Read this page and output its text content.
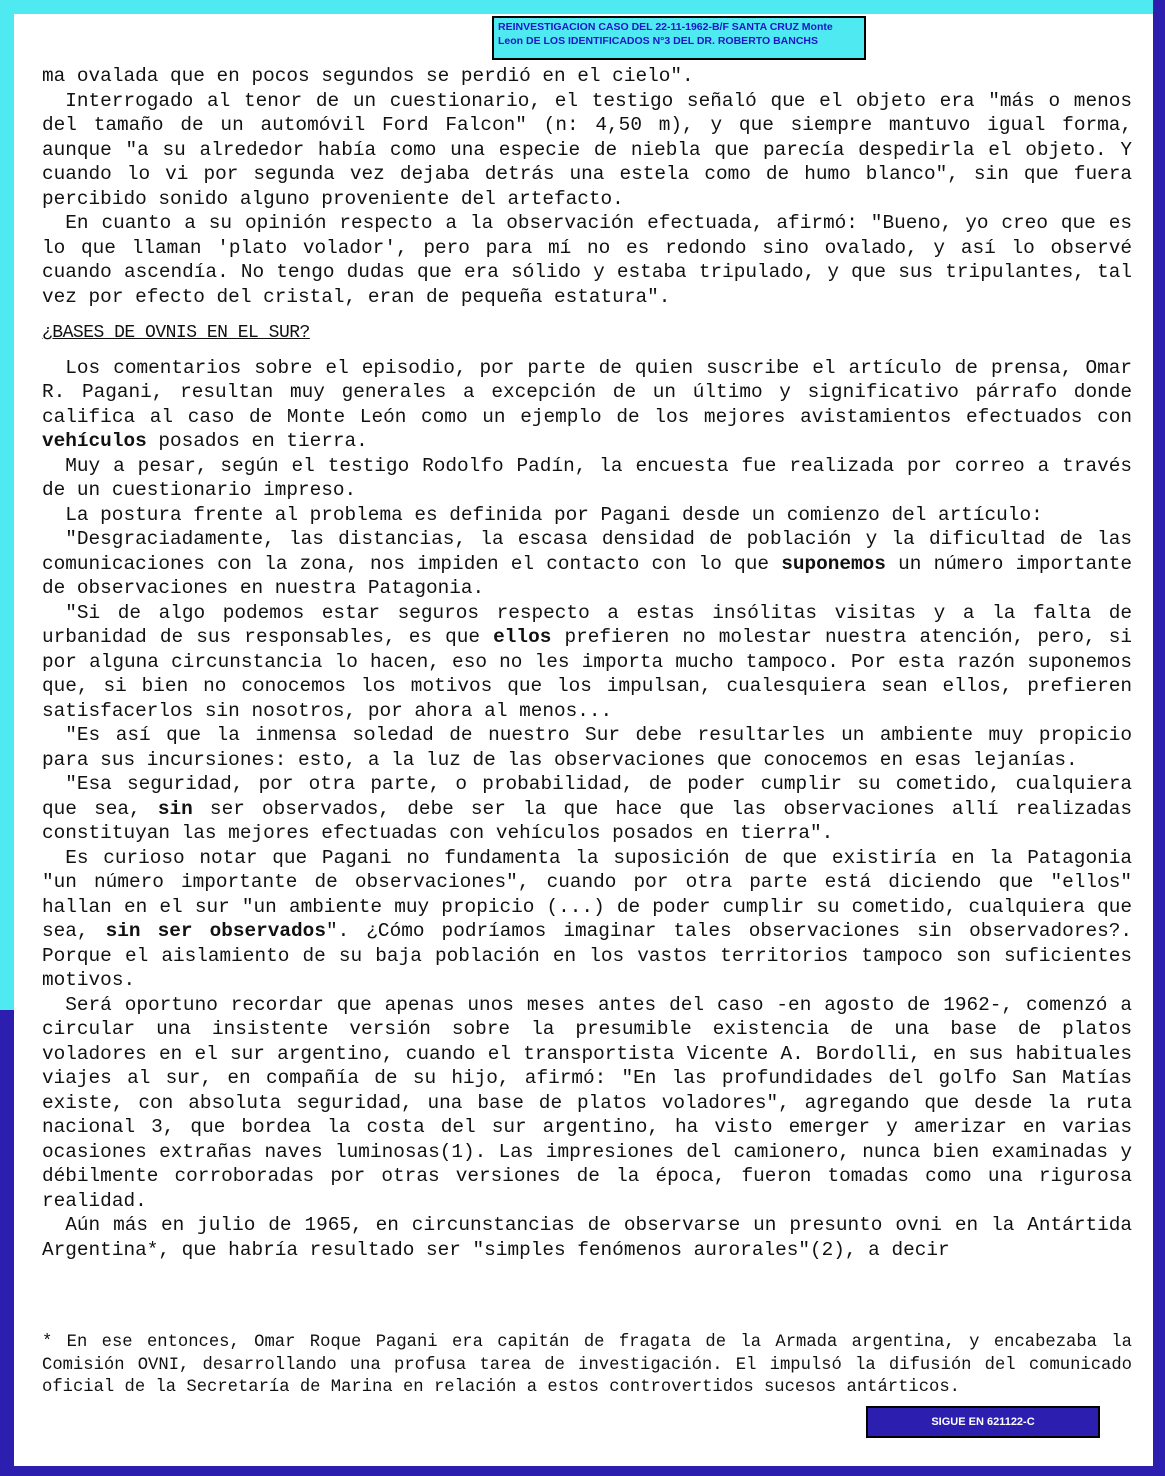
REINVESTIGACION CASO DEL 22-11-1962-B/F SANTA CRUZ Monte
Leon DE LOS IDENTIFICADOS N°3 DEL DR. ROBERTO BANCHS

ma ovalada que en pocos segundos se perdió en el cielo".

Interrogado al tenor de un cuestionario, el testigo señaló que el objeto era "más o menos del tamaño de un automóvil Ford Falcon" (n: 4,50 m), y que siempre mantuvo igual forma, aunque "a su alrededor había como una especie de niebla que parecía despedirla el objeto. Y cuando lo vi por segunda vez dejaba detrás una estela como de humo blanco", sin que fuera percibido sonido alguno proveniente del artefacto.

En cuanto a su opinión respecto a la observación efectuada, afirmó: "Bueno, yo creo que es lo que llaman 'plato volador', pero para mí no es redondo sino ovalado, y así lo observé cuando ascendía. No tengo dudas que era sólido y estaba tripulado, y que sus tripulantes, tal vez por efecto del cristal, eran de pequeña estatura".

¿BASES DE OVNIS EN EL SUR?

Los comentarios sobre el episodio, por parte de quien suscribe el artículo de prensa, Omar R. Pagani, resultan muy generales a excepción de un último y significativo párrafo donde califica al caso de Monte León como un ejemplo de los mejores avistamientos efectuados con vehículos posados en tierra.

Muy a pesar, según el testigo Rodolfo Padín, la encuesta fue realizada por correo a través de un cuestionario impreso.

La postura frente al problema es definida por Pagani desde un comienzo del artículo:

"Desgraciadamente, las distancias, la escasa densidad de población y la dificultad de las comunicaciones con la zona, nos impiden el contacto con lo que suponemos un número importante de observaciones en nuestra Patagonia.

"Si de algo podemos estar seguros respecto a estas insólitas visitas y a la falta de urbanidad de sus responsables, es que ellos prefieren no molestar nuestra atención, pero, si por alguna circunstancia lo hacen, eso no les importa mucho tampoco. Por esta razón suponemos que, si bien no conocemos los motivos que los impulsan, cualesquiera sean ellos, prefieren satisfacerlos sin nosotros, por ahora al menos...

"Es así que la inmensa soledad de nuestro Sur debe resultarles un ambiente muy propicio para sus incursiones: esto, a la luz de las observaciones que conocemos en esas lejanías.

"Esa seguridad, por otra parte, o probabilidad, de poder cumplir su cometido, cualquiera que sea, sin ser observados, debe ser la que hace que las observaciones allí realizadas constituyan las mejores efectuadas con vehículos posados en tierra".

Es curioso notar que Pagani no fundamenta la suposición de que existiría en la Patagonia "un número importante de observaciones", cuando por otra parte está diciendo que "ellos" hallan en el sur "un ambiente muy propicio (...) de poder cumplir su cometido, cualquiera que sea, sin ser observados". ¿Cómo podríamos imaginar tales observaciones sin observadores?. Porque el aislamiento de su baja población en los vastos territorios tampoco son suficientes motivos.

Será oportuno recordar que apenas unos meses antes del caso -en agosto de 1962-, comenzó a circular una insistente versión sobre la presumible existencia de una base de platos voladores en el sur argentino, cuando el transportista Vicente A. Bordolli, en sus habituales viajes al sur, en compañía de su hijo, afirmó: "En las profundidades del golfo San Matías existe, con absoluta seguridad, una base de platos voladores", agregando que desde la ruta nacional 3, que bordea la costa del sur argentino, ha visto emerger y amerizar en varias ocasiones extrañas naves luminosas(1). Las impresiones del camionero, nunca bien examinadas y débilmente corroboradas por otras versiones de la época, fueron tomadas como una rigurosa realidad.

Aún más en julio de 1965, en circunstancias de observarse un presunto ovni en la Antártida Argentina*, que habría resultado ser "simples fenómenos aurorales"(2), a decir

* En ese entonces, Omar Roque Pagani era capitán de fragata de la Armada argentina, y encabezaba la Comisión OVNI, desarrollando una profusa tarea de investigación. El impulsó la difusión del comunicado oficial de la Secretaría de Marina en relación a estos controvertidos sucesos antárticos.

SIGUE EN 621122-C
